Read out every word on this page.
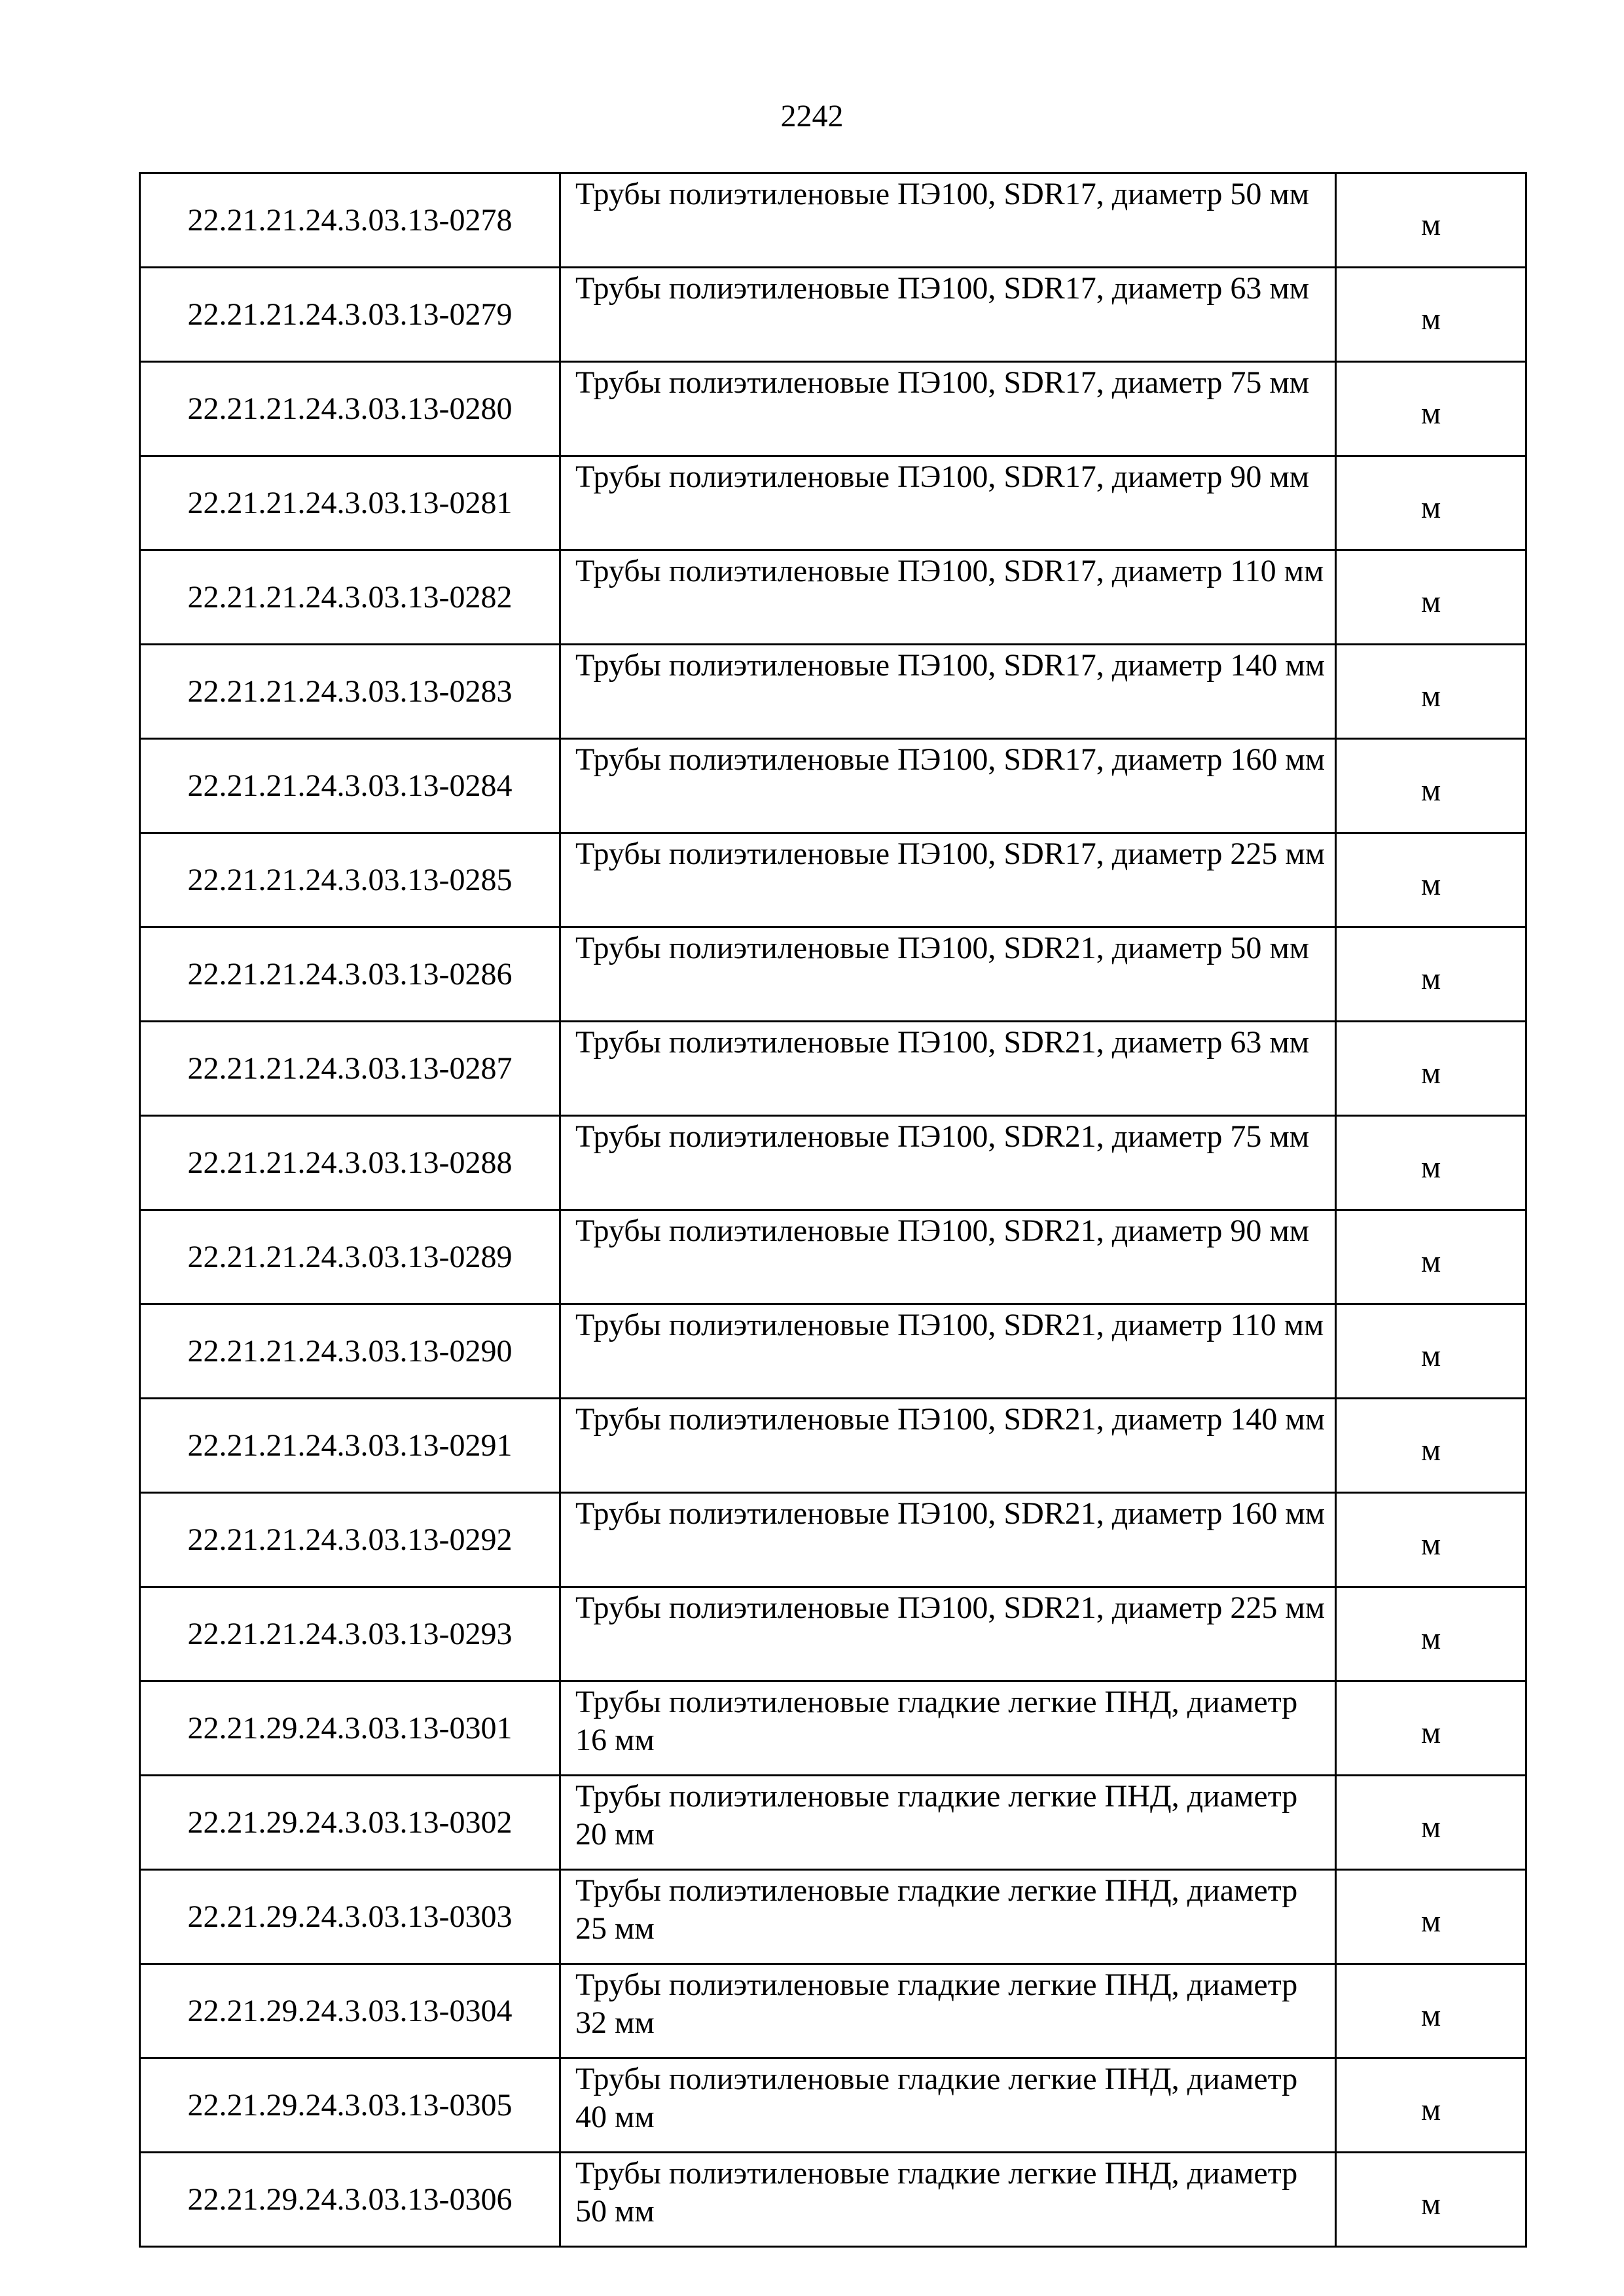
2242
22.21.21.24.3.03.13-0278	Трубы полиэтиленовые ПЭ100, SDR17, диаметр 50 мм	м
22.21.21.24.3.03.13-0279	Трубы полиэтиленовые ПЭ100, SDR17, диаметр 63 мм	м
22.21.21.24.3.03.13-0280	Трубы полиэтиленовые ПЭ100, SDR17, диаметр 75 мм	м
22.21.21.24.3.03.13-0281	Трубы полиэтиленовые ПЭ100, SDR17, диаметр 90 мм	м
22.21.21.24.3.03.13-0282	Трубы полиэтиленовые ПЭ100, SDR17, диаметр 110 мм	м
22.21.21.24.3.03.13-0283	Трубы полиэтиленовые ПЭ100, SDR17, диаметр 140 мм	м
22.21.21.24.3.03.13-0284	Трубы полиэтиленовые ПЭ100, SDR17, диаметр 160 мм	м
22.21.21.24.3.03.13-0285	Трубы полиэтиленовые ПЭ100, SDR17, диаметр 225 мм	м
22.21.21.24.3.03.13-0286	Трубы полиэтиленовые ПЭ100, SDR21, диаметр 50 мм	м
22.21.21.24.3.03.13-0287	Трубы полиэтиленовые ПЭ100, SDR21, диаметр 63 мм	м
22.21.21.24.3.03.13-0288	Трубы полиэтиленовые ПЭ100, SDR21, диаметр 75 мм	м
22.21.21.24.3.03.13-0289	Трубы полиэтиленовые ПЭ100, SDR21, диаметр 90 мм	м
22.21.21.24.3.03.13-0290	Трубы полиэтиленовые ПЭ100, SDR21, диаметр 110 мм	м
22.21.21.24.3.03.13-0291	Трубы полиэтиленовые ПЭ100, SDR21, диаметр 140 мм	м
22.21.21.24.3.03.13-0292	Трубы полиэтиленовые ПЭ100, SDR21, диаметр 160 мм	м
22.21.21.24.3.03.13-0293	Трубы полиэтиленовые ПЭ100, SDR21, диаметр 225 мм	м
22.21.29.24.3.03.13-0301	Трубы полиэтиленовые гладкие легкие ПНД, диаметр 16 мм	м
22.21.29.24.3.03.13-0302	Трубы полиэтиленовые гладкие легкие ПНД, диаметр 20 мм	м
22.21.29.24.3.03.13-0303	Трубы полиэтиленовые гладкие легкие ПНД, диаметр 25 мм	м
22.21.29.24.3.03.13-0304	Трубы полиэтиленовые гладкие легкие ПНД, диаметр 32 мм	м
22.21.29.24.3.03.13-0305	Трубы полиэтиленовые гладкие легкие ПНД, диаметр 40 мм	м
22.21.29.24.3.03.13-0306	Трубы полиэтиленовые гладкие легкие ПНД, диаметр 50 мм	м
